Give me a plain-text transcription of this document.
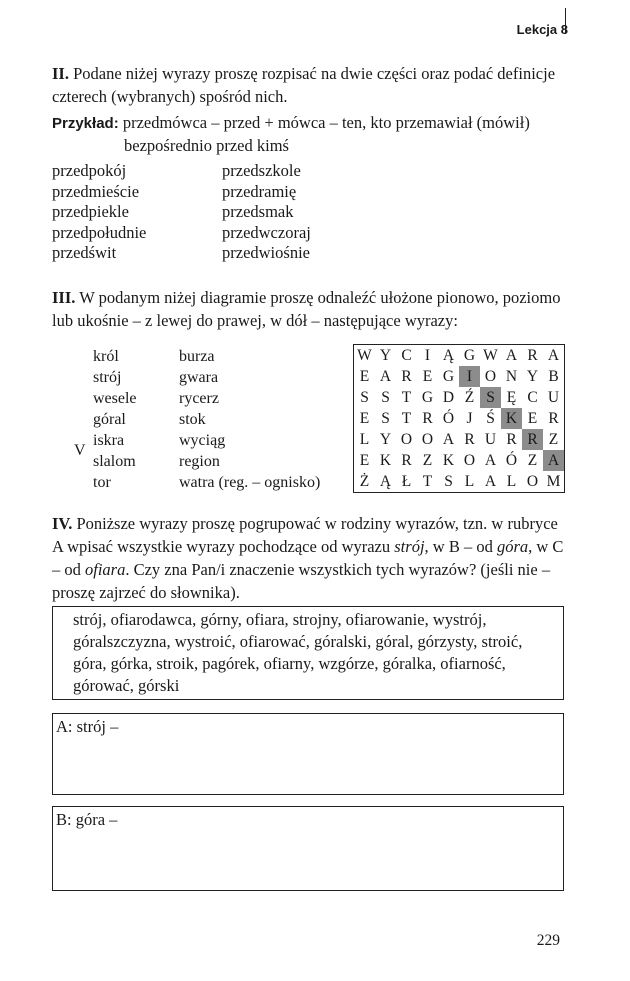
Lekcja 8
II. Podane niżej wyrazy proszę rozpisać na dwie części oraz podać definicje czterech (wybranych) spośród nich.
Przykład: przedmówca – przed + mówca – ten, kto przemawiał (mówił)
bezpośrednio przed kimś
przedpokój
przedmieście
przedpiekle
przedpołudnie
przedświt
przedszkole
przedramię
przedsmak
przedwczoraj
przedwiośnie
III. W podanym niżej diagramie proszę odnaleźć ułożone pionowo, poziomo lub ukośnie – z lewej do prawej, w dół – następujące wyrazy:
V
król
strój
wesele
góral
iskra
slalom
tor
burza
gwara
rycerz
stok
wyciąg
region
watra (reg. – ognisko)
W Y C I Ą G W A R A
E A R E G I O N Y B
S S T G D Ź S Ę C U
E S T R Ó J Ś K E R
L Y O O A R U R R Z
E K R Z K O A Ó Z A
Ż Ą Ł T S L A L O M
IV. Poniższe wyrazy proszę pogrupować w rodziny wyrazów, tzn. w rubryce A wpisać wszystkie wyrazy pochodzące od wyrazu strój, w B – od góra, w C – od ofiara. Czy zna Pan/i znaczenie wszystkich tych wyrazów? (jeśli nie – proszę zajrzeć do słownika).
strój, ofiarodawca, górny, ofiara, strojny, ofiarowanie, wystrój, góralszczyzna, wystroić, ofiarować, góralski, góral, górzysty, stroić, góra, górka, stroik, pagórek, ofiarny, wzgórze, góralka, ofiarność, górować, górski
A: strój –
B: góra –
229
